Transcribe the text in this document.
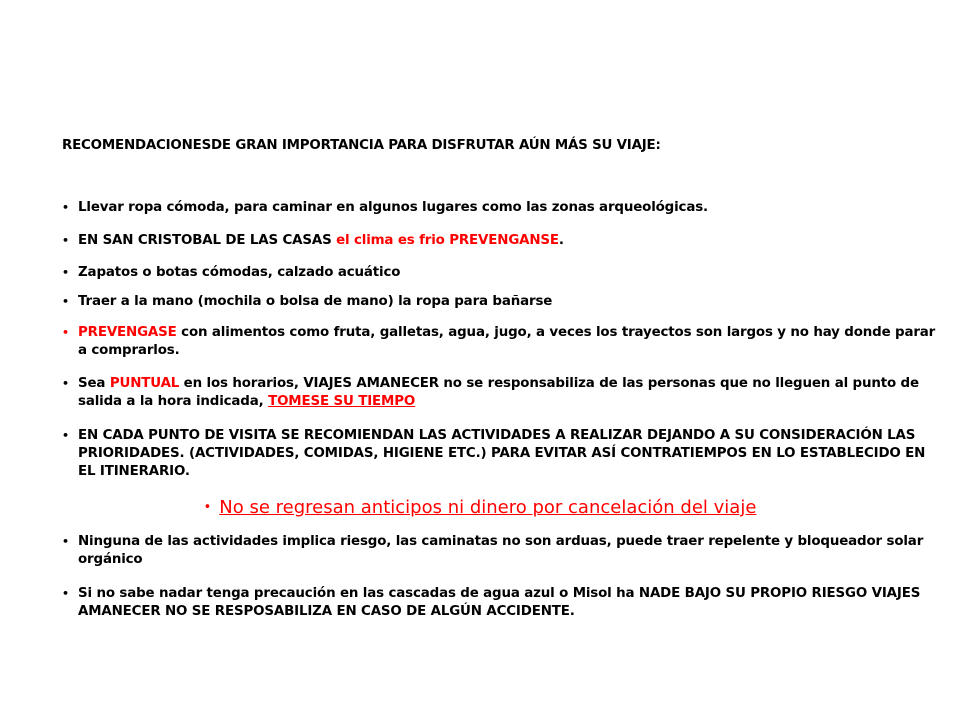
RECOMENDACIONESDE GRAN IMPORTANCIA PARA DISFRUTAR AÚN MÁS SU VIAJE:
• Llevar ropa cómoda, para caminar en algunos lugares como las zonas arqueológicas.
• EN SAN CRISTOBAL DE LAS CASAS el clima es frio PREVENGANSE.
• Zapatos o botas cómodas, calzado acuático
• Traer a la mano (mochila o bolsa de mano) la ropa para bañarse
• PREVENGASE con alimentos como fruta, galletas, agua, jugo, a veces los trayectos son largos y no hay donde parar a comprarlos.
• Sea PUNTUAL en los horarios, VIAJES AMANECER no se responsabiliza de las personas que no lleguen al punto de salida a la hora indicada, TOMESE SU TIEMPO
• EN CADA PUNTO DE VISITA SE RECOMIENDAN LAS ACTIVIDADES A REALIZAR DEJANDO A SU CONSIDERACIÓN LAS PRIORIDADES. (ACTIVIDADES, COMIDAS, HIGIENE ETC.) PARA EVITAR ASÍ CONTRATIEMPOS EN LO ESTABLECIDO EN EL ITINERARIO.
• No se regresan anticipos ni dinero por cancelación del viaje
• Ninguna de las actividades implica riesgo, las caminatas no son arduas, puede traer repelente y bloqueador solar orgánico
• Si no sabe nadar tenga precaución en las cascadas de agua azul o Misol ha NADE BAJO SU PROPIO RIESGO VIAJES AMANECER NO SE RESPOSABILIZA EN CASO DE ALGÚN ACCIDENTE.
